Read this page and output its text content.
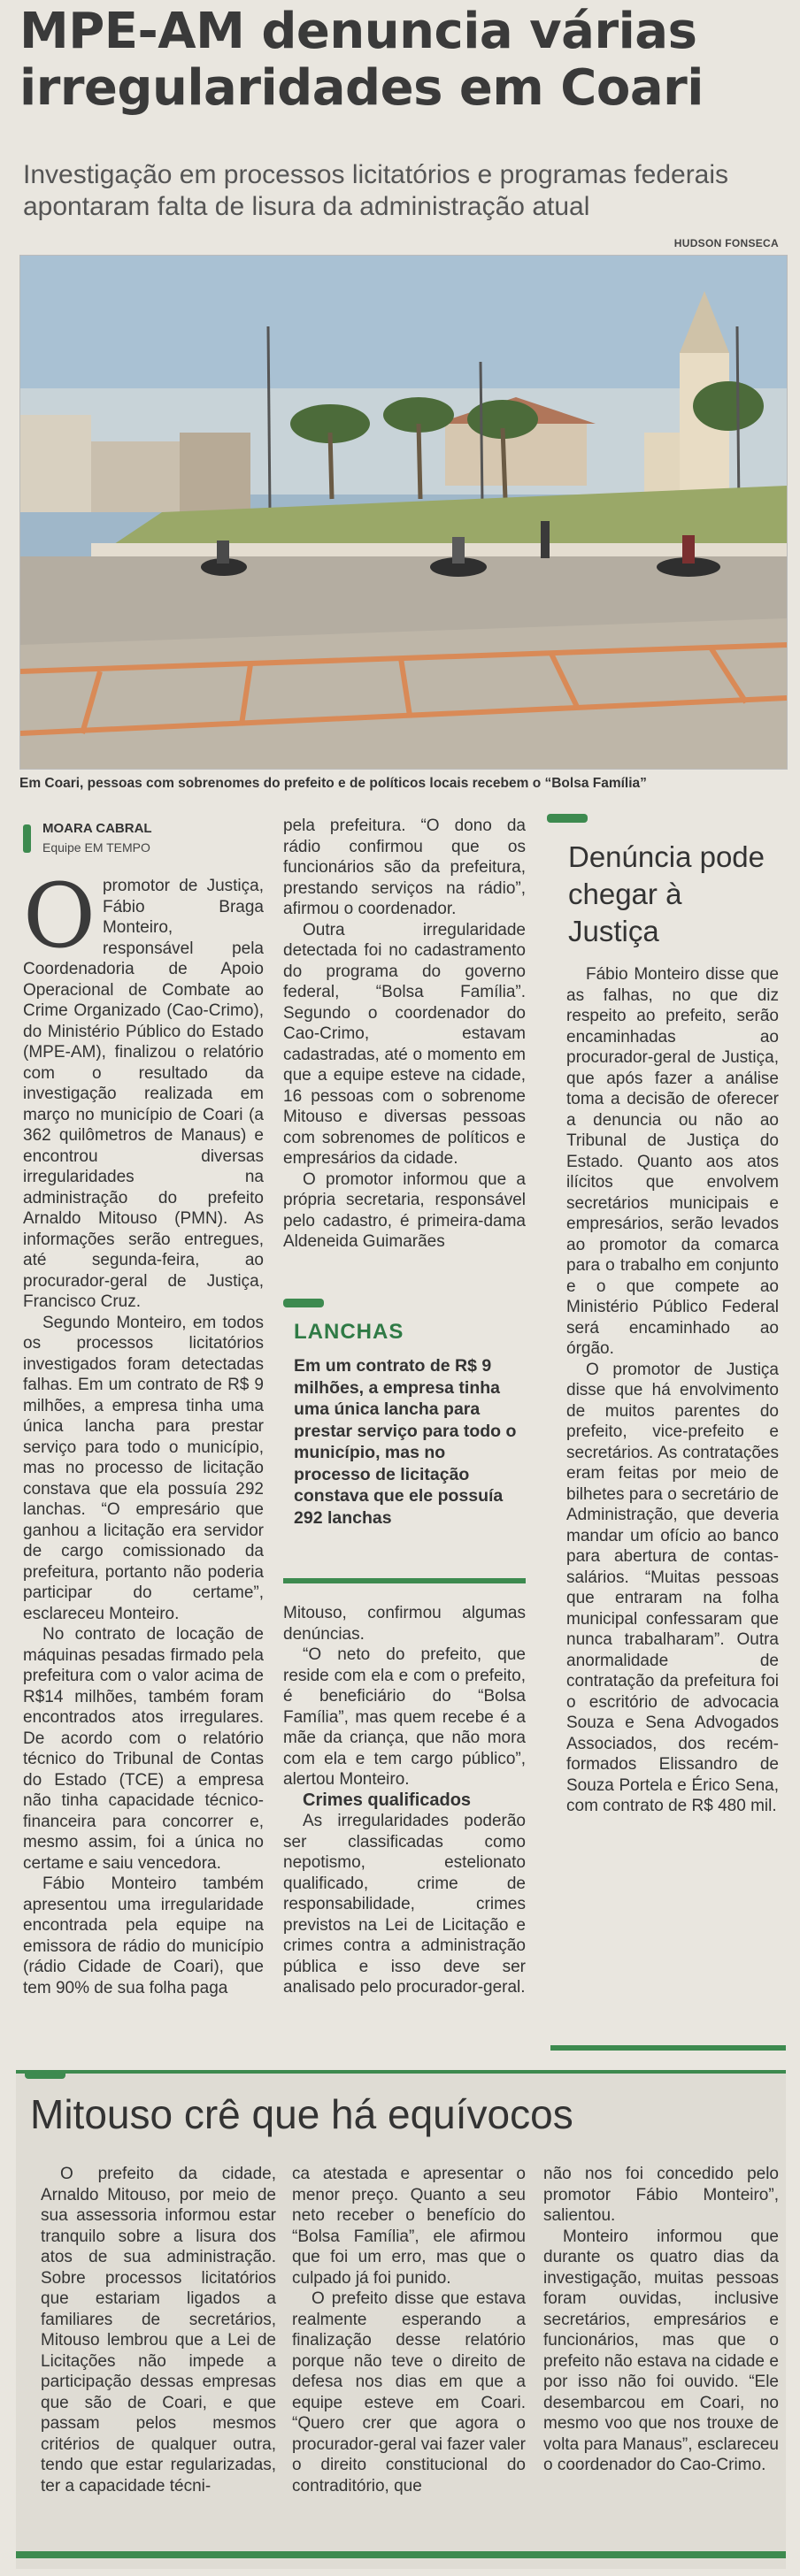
MPE-AM denuncia várias irregularidades em Coari
Investigação em processos licitatórios e programas federais apontaram falta de lisura da administração atual
HUDSON FONSECA
Em Coari, pessoas com sobrenomes do prefeito e de políticos locais recebem o “Bolsa Família”
MOARA CABRAL
Equipe EM TEMPO
O promotor de Justiça, Fábio Braga Monteiro, responsável pela Coordenadoria de Apoio Operacional de Combate ao Crime Organizado (Cao-Crimo), do Ministério Público do Estado (MPE-AM), finalizou o relatório com o resultado da investigação realizada em março no município de Coari (a 362 quilômetros de Manaus) e encontrou diversas irregularidades na administração do prefeito Arnaldo Mitouso (PMN). As informações serão entregues, até segunda-feira, ao procurador-geral de Justiça, Francisco Cruz.

Segundo Monteiro, em todos os processos licitatórios investigados foram detectadas falhas. Em um contrato de R$ 9 milhões, a empresa tinha uma única lancha para prestar serviço para todo o município, mas no processo de licitação constava que ela possuía 292 lanchas. “O empresário que ganhou a licitação era servidor de cargo comissionado da prefeitura, portanto não poderia participar do certame”, esclareceu Monteiro.

No contrato de locação de máquinas pesadas firmado pela prefeitura com o valor acima de R$14 milhões, também foram encontrados atos irregulares. De acordo com o relatório técnico do Tribunal de Contas do Estado (TCE) a empresa não tinha capacidade técnico-financeira para concorrer e, mesmo assim, foi a única no certame e saiu vencedora.

Fábio Monteiro também apresentou uma irregularidade encontrada pela equipe na emissora de rádio do município (rádio Cidade de Coari), que tem 90% de sua folha paga

pela prefeitura. “O dono da rádio confirmou que os funcionários são da prefeitura, prestando serviços na rádio”, afirmou o coordenador.

Outra irregularidade detectada foi no cadastramento do programa do governo federal, “Bolsa Família”. Segundo o coordenador do Cao-Crimo, estavam cadastradas, até o momento em que a equipe esteve na cidade, 16 pessoas com o sobrenome Mitouso e diversas pessoas com sobrenomes de políticos e empresários da cidade.

O promotor informou que a própria secretaria, responsável pelo cadastro, é primeira-dama Aldeneida Guimarães

LANCHAS
Em um contrato de R$ 9 milhões, a empresa tinha uma única lancha para prestar serviço para todo o município, mas no processo de licitação constava que ele possuía 292 lanchas

Mitouso, confirmou algumas denúncias.

“O neto do prefeito, que reside com ela e com o prefeito, é beneficiário do “Bolsa Família”, mas quem recebe é a mãe da criança, que não mora com ela e tem cargo público”, alertou Monteiro.

Crimes qualificados

As irregularidades poderão ser classificadas como nepotismo, estelionato qualificado, crime de responsabilidade, crimes previstos na Lei de Licitação e crimes contra a administração pública e isso deve ser analisado pelo procurador-geral.

Denúncia pode chegar à Justiça

Fábio Monteiro disse que as falhas, no que diz respeito ao prefeito, serão encaminhadas ao procurador-geral de Justiça, que após fazer a análise toma a decisão de oferecer a denuncia ou não ao Tribunal de Justiça do Estado. Quanto aos atos ilícitos que envolvem secretários municipais e empresários, serão levados ao promotor da comarca para o trabalho em conjunto e o que compete ao Ministério Público Federal será encaminhado ao órgão.

O promotor de Justiça disse que há envolvimento de muitos parentes do prefeito, vice-prefeito e secretários. As contratações eram feitas por meio de bilhetes para o secretário de Administração, que deveria mandar um ofício ao banco para abertura de contas-salários. “Muitas pessoas que entraram na folha municipal confessaram que nunca trabalharam”. Outra anormalidade de contratação da prefeitura foi o escritório de advocacia Souza e Sena Advogados Associados, dos recém-formados Elissandro de Souza Portela e Érico Sena, com contrato de R$ 480 mil.

Mitouso crê que há equívocos

O prefeito da cidade, Arnaldo Mitouso, por meio de sua assessoria informou estar tranquilo sobre a lisura dos atos de sua administração. Sobre processos licitatórios que estariam ligados a familiares de secretários, Mitouso lembrou que a Lei de Licitações não impede a participação dessas empresas que são de Coari, e que passam pelos mesmos critérios de qualquer outra, tendo que estar regularizadas, ter a capacidade técni-

ca atestada e apresentar o menor preço. Quanto a seu neto receber o benefício do “Bolsa Família”, ele afirmou que foi um erro, mas que o culpado já foi punido.

O prefeito disse que estava realmente esperando a finalização desse relatório porque não teve o direito de defesa nos dias em que a equipe esteve em Coari. “Quero crer que agora o procurador-geral vai fazer valer o direito constitucional do contraditório, que

não nos foi concedido pelo promotor Fábio Monteiro”, salientou.

Monteiro informou que durante os quatro dias da investigação, muitas pessoas foram ouvidas, inclusive secretários, empresários e funcionários, mas que o prefeito não estava na cidade e por isso não foi ouvido. “Ele desembarcou em Coari, no mesmo voo que nos trouxe de volta para Manaus”, esclareceu o coordenador do Cao-Crimo.
